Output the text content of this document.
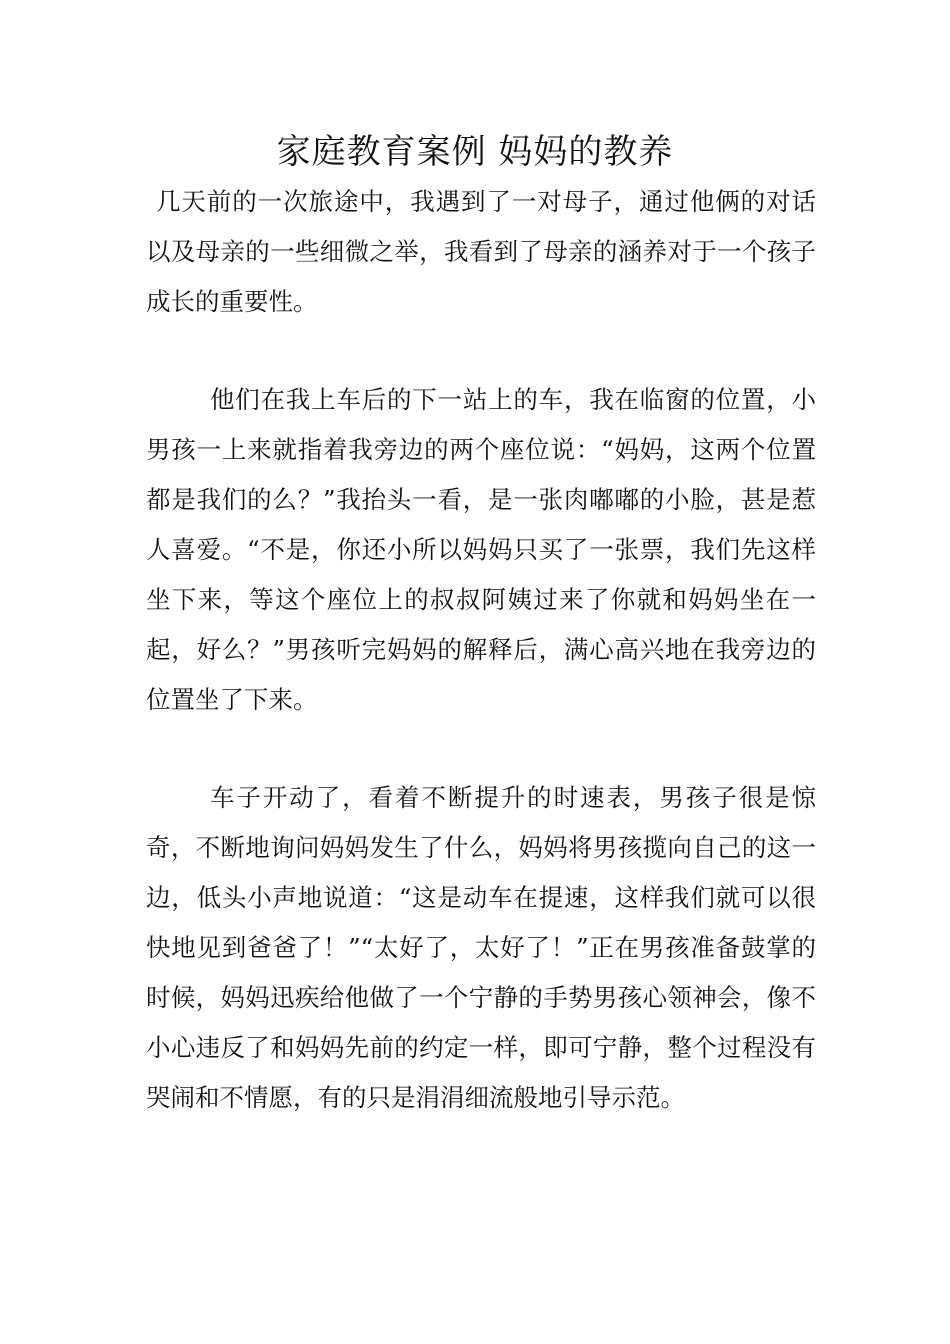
家庭教育案例 妈妈的教养
几天前的一次旅途中，我遇到了一对母子，通过他俩的对话以及母亲的一些细微之举，我看到了母亲的涵养对于一个孩子成长的重要性。
他们在我上车后的下一站上的车，我在临窗的位置，小男孩一上来就指着我旁边的两个座位说：“妈妈，这两个位置都是我们的么？”我抬头一看，是一张肉嘟嘟的小脸，甚是惹人喜爱。“不是，你还小所以妈妈只买了一张票，我们先这样坐下来，等这个座位上的叔叔阿姨过来了你就和妈妈坐在一起，好么？”男孩听完妈妈的解释后，满心高兴地在我旁边的位置坐了下来。
车子开动了，看着不断提升的时速表，男孩子很是惊奇，不断地询问妈妈发生了什么，妈妈将男孩揽向自己的这一边，低头小声地说道：“这是动车在提速，这样我们就可以很快地见到爸爸了！”“太好了，太好了！”正在男孩准备鼓掌的时候，妈妈迅疾给他做了一个宁静的手势男孩心领神会，像不小心违反了和妈妈先前的约定一样，即可宁静，整个过程没有哭闹和不情愿，有的只是涓涓细流般地引导示范。
